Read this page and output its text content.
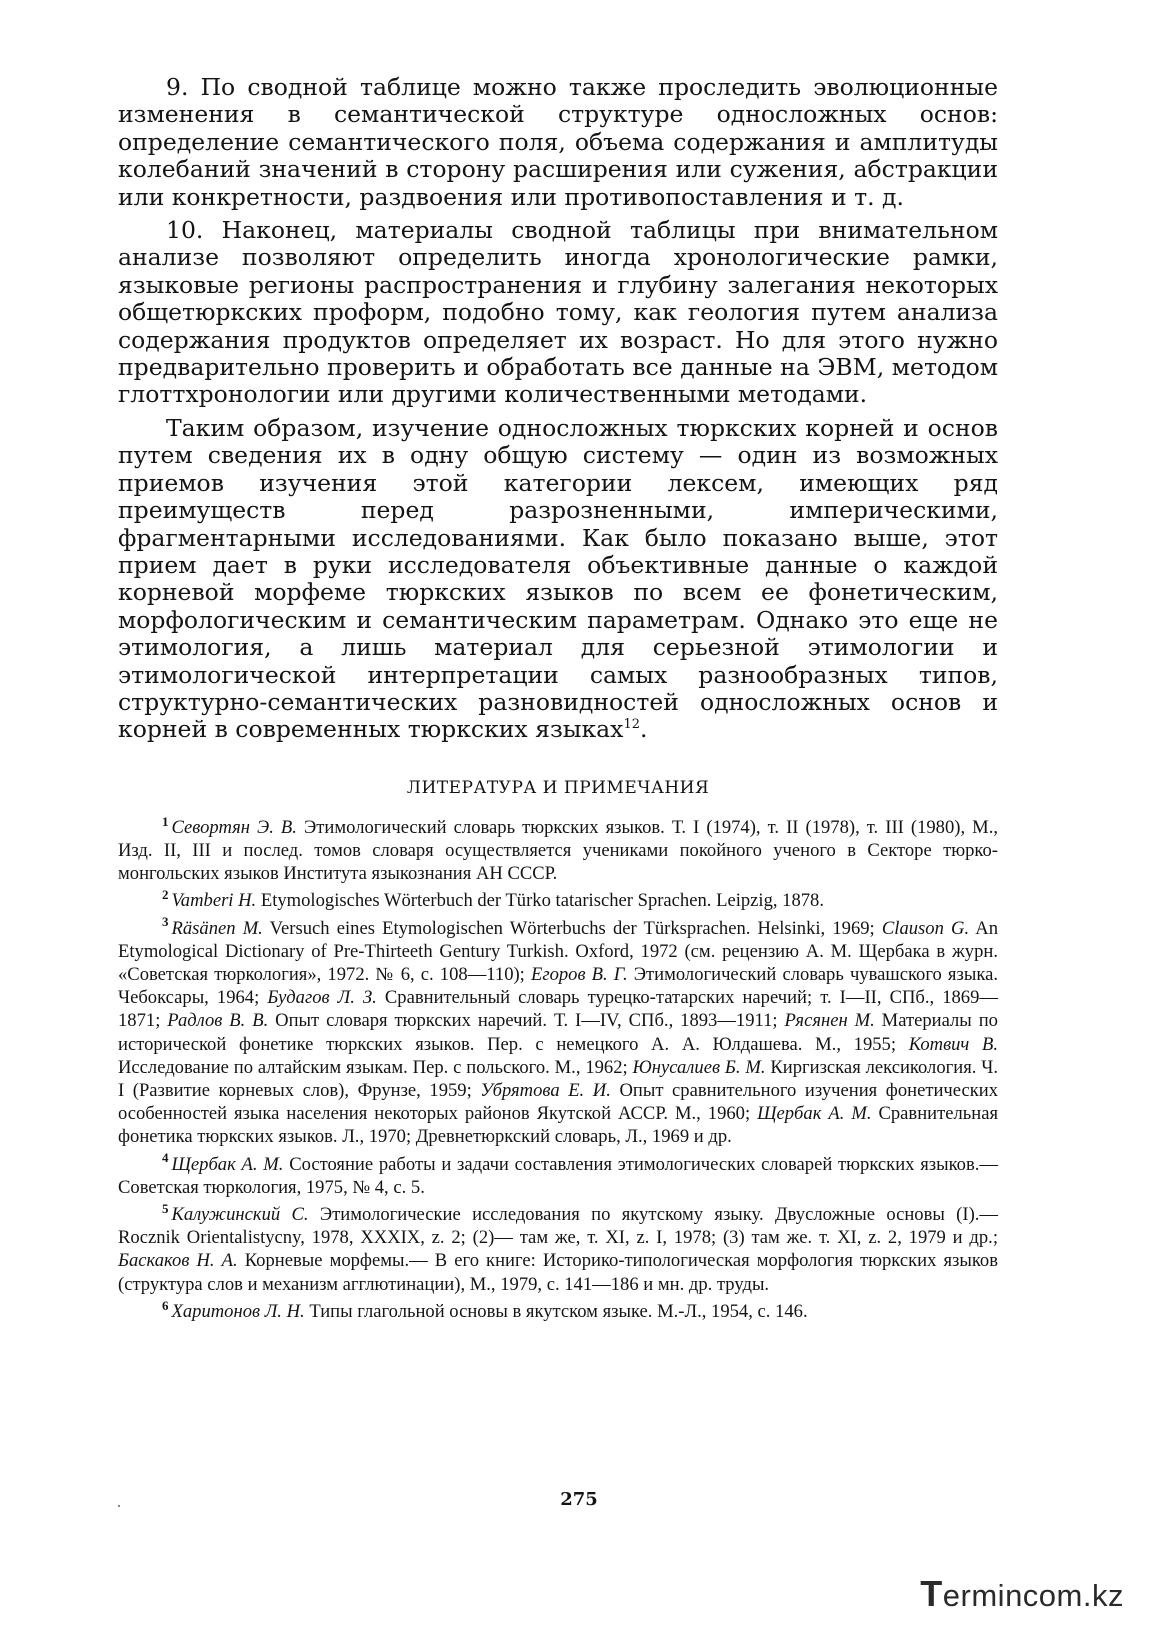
9. По сводной таблице можно также проследить эволюционные изменения в семантической структуре односложных основ: определение семантического поля, объема содержания и амплитуды колебаний значений в сторону расширения или сужения, абстракции или конкретности, раздвоения или противопоставления и т. д.

10. Наконец, материалы сводной таблицы при внимательном анализе позволяют определить иногда хронологические рамки, языковые регионы распространения и глубину залегания некоторых общетюркских проформ, подобно тому, как геология путем анализа содержания продуктов определяет их возраст. Но для этого нужно предварительно проверить и обработать все данные на ЭВМ, методом глоттхронологии или другими количественными методами.

Таким образом, изучение односложных тюркских корней и основ путем сведения их в одну общую систему — один из возможных приемов изучения этой категории лексем, имеющих ряд преимуществ перед разрозненными, империческими, фрагментарными исследованиями. Как было показано выше, этот прием дает в руки исследователя объективные данные о каждой корневой морфеме тюркских языков по всем ее фонетическим, морфологическим и семантическим параметрам. Однако это еще не этимология, а лишь материал для серьезной этимологии и этимологической интерпретации самых разнообразных типов, структурно-семантических разновидностей односложных основ и корней в современных тюркских языках$^{12}$.

ЛИТЕРАТУРА И ПРИМЕЧАНИЯ

$^1$ Севортян Э. В. Этимологический словарь тюркских языков. Т. I (1974), т. II (1978), т. III (1980), М., Изд. II, III и послед. томов словаря осуществляется учениками покойного ученого в Секторе тюрко-монгольских языков Института языкознания АН СССР.

$^2$ Vamberi H. Etymologisches Wörterbuch der Türko tatarischer Sprachen. Leipzig, 1878.

$^3$ Räsänen M. Versuch eines Etymologischen Wörterbuchs der Türksprachen. Helsinki, 1969; Clauson G. An Etymological Dictionary of Pre-Thirteeth Gentury Turkish. Oxford, 1972 (см. рецензию А. М. Щербака в журн. «Советская тюркология», 1972. № 6, с. 108—110); Егоров В. Г. Этимологический словарь чувашского языка. Чебоксары, 1964; Будагов Л. З. Сравнительный словарь турецко-татарских наречий; т. I—II, СПб., 1869—1871; Радлов В. В. Опыт словаря тюркских наречий. Т. I—IV, СПб., 1893—1911; Рясянен М. Материалы по исторической фонетике тюркских языков. Пер. с немецкого А. А. Юлдашева. М., 1955; Котвич В. Исследование по алтайским языкам. Пер. с польского. М., 1962; Юнусалиев Б. М. Киргизская лексикология. Ч. I (Развитие корневых слов), Фрунзе, 1959; Убрятова Е. И. Опыт сравнительного изучения фонетических особенностей языка населения некоторых районов Якутской АССР. М., 1960; Щербак А. М. Сравнительная фонетика тюркских языков. Л., 1970; Древнетюркский словарь, Л., 1969 и др.

$^4$ Щербак А. М. Состояние работы и задачи составления этимологических словарей тюркских языков.— Советская тюркология, 1975, № 4, с. 5.

$^5$ Калужинский С. Этимологические исследования по якутскому языку. Двусложные основы (I).— Rocznik Orientalistycny, 1978, XXXIX, z. 2; (2)— там же, т. XI, z. I, 1978; (3) там же. т. XI, z. 2, 1979 и др.; Баскаков Н. А. Корневые морфемы.— В его книге: Историко-типологическая морфология тюркских языков (структура слов и механизм агглютинации), М., 1979, с. 141—186 и мн. др. труды.

$^6$ Харитонов Л. Н. Типы глагольной основы в якутском языке. М.-Л., 1954, с. 146.

275
Termincom.kz
